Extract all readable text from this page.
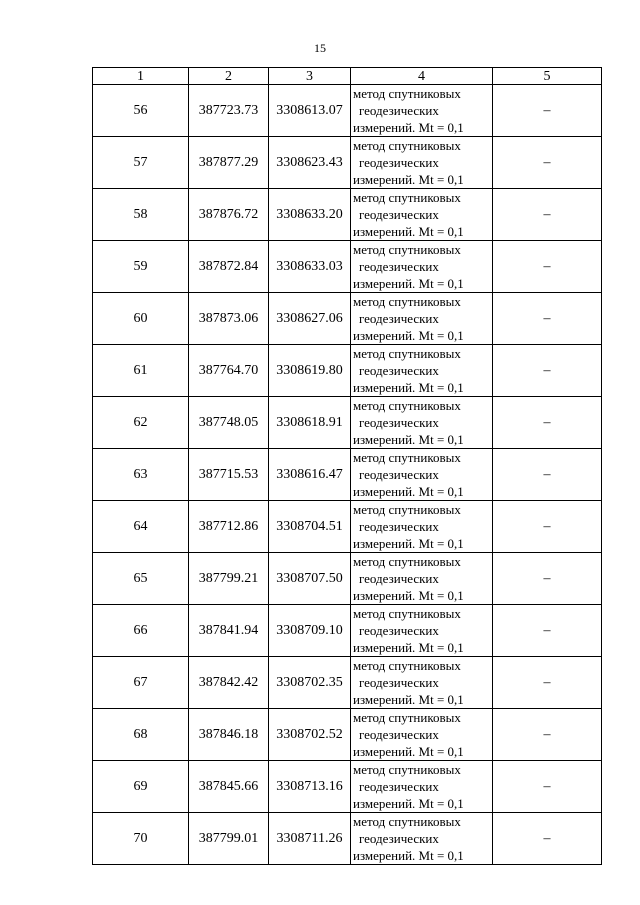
15
1	2	3	4	5
56	387723.73	3308613.07	метод спутниковых
геодезических
измерений. Mt = 0,1	–
57	387877.29	3308623.43	метод спутниковых
геодезических
измерений. Mt = 0,1	–
58	387876.72	3308633.20	метод спутниковых
геодезических
измерений. Mt = 0,1	–
59	387872.84	3308633.03	метод спутниковых
геодезических
измерений. Mt = 0,1	–
60	387873.06	3308627.06	метод спутниковых
геодезических
измерений. Mt = 0,1	–
61	387764.70	3308619.80	метод спутниковых
геодезических
измерений. Mt = 0,1	–
62	387748.05	3308618.91	метод спутниковых
геодезических
измерений. Mt = 0,1	–
63	387715.53	3308616.47	метод спутниковых
геодезических
измерений. Mt = 0,1	–
64	387712.86	3308704.51	метод спутниковых
геодезических
измерений. Mt = 0,1	–
65	387799.21	3308707.50	метод спутниковых
геодезических
измерений. Mt = 0,1	–
66	387841.94	3308709.10	метод спутниковых
геодезических
измерений. Mt = 0,1	–
67	387842.42	3308702.35	метод спутниковых
геодезических
измерений. Mt = 0,1	–
68	387846.18	3308702.52	метод спутниковых
геодезических
измерений. Mt = 0,1	–
69	387845.66	3308713.16	метод спутниковых
геодезических
измерений. Mt = 0,1	–
70	387799.01	3308711.26	метод спутниковых
геодезических
измерений. Mt = 0,1	–
